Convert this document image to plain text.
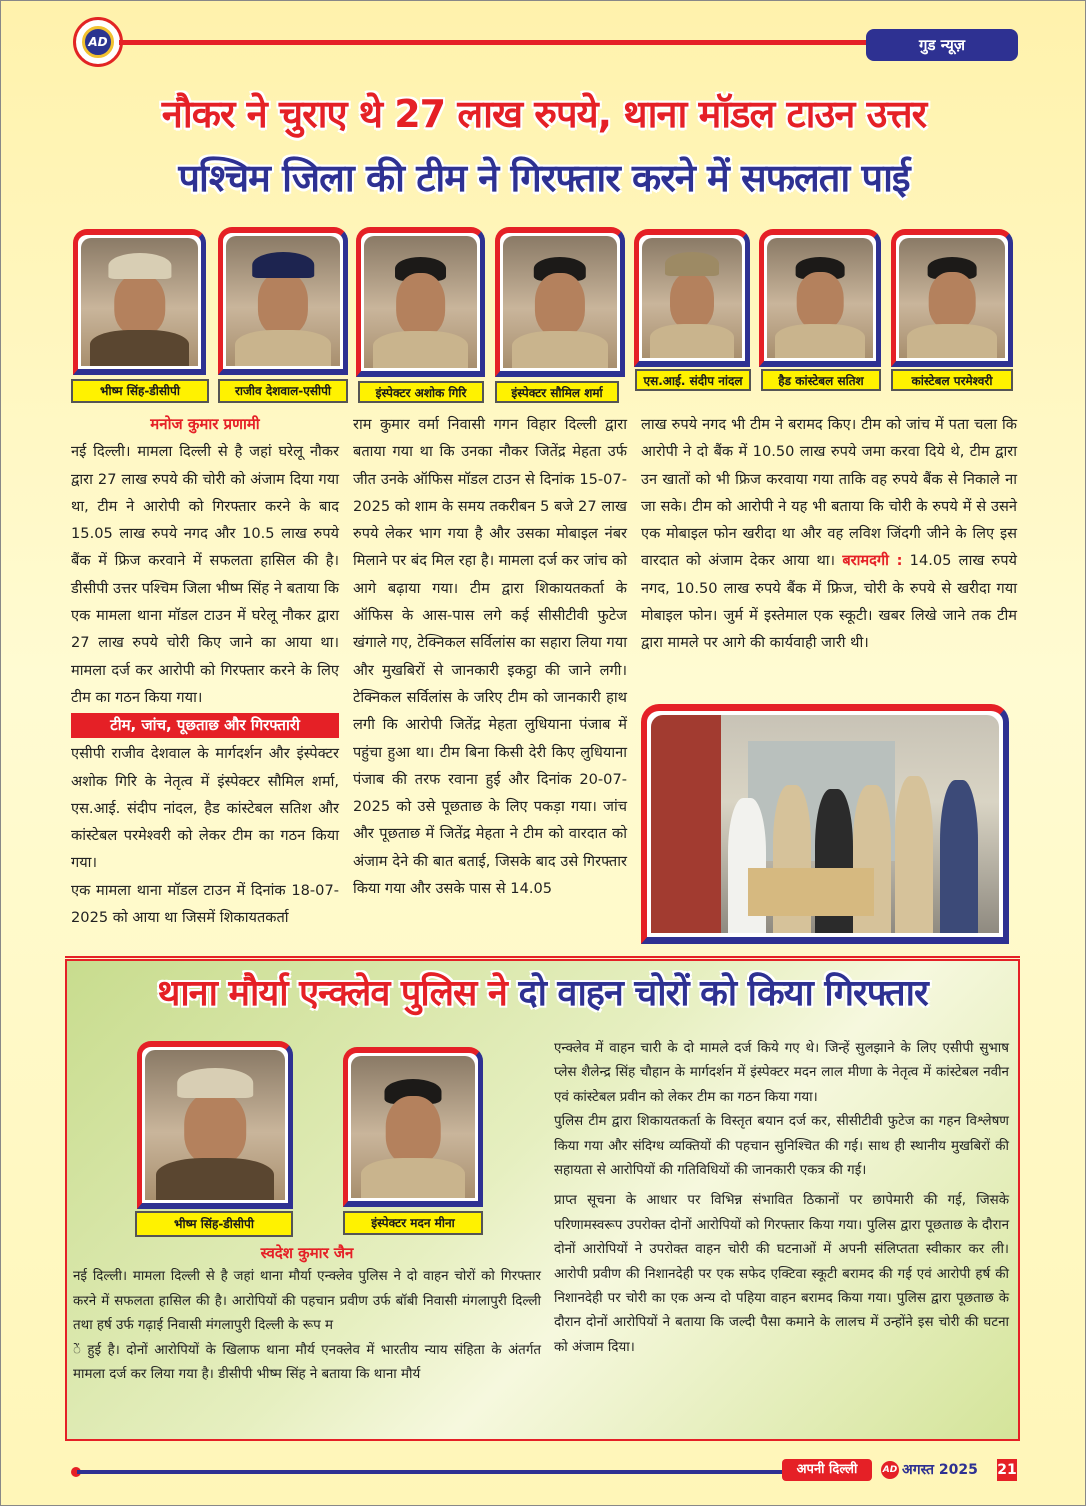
AD	गुड न्यूज़
नौकर ने चुराए थे 27 लाख रुपये, थाना मॉडल टाउन उत्तर
पश्चिम जिला की टीम ने गिरफ्तार करने में सफलता पाई
भीष्म सिंह-डीसीपी	राजीव देशवाल-एसीपी	इंस्पेक्टर अशोक गिरि	इंस्पेक्टर सौमिल शर्मा
एस.आई. संदीप नांदल	हैड कांस्टेबल सतिश	कांस्टेबल परमेश्वरी
मनोज कुमार प्रणामी

नई दिल्ली। मामला दिल्ली से है जहां घरेलू नौकर द्वारा 27 लाख रुपये की चोरी को अंजाम दिया गया था, टीम ने आरोपी को गिरफ्तार करने के बाद 15.05 लाख रुपये नगद और 10.5 लाख रुपये बैंक में फ्रिज करवाने में सफलता हासिल की है। डीसीपी उत्तर पश्चिम जिला भीष्म सिंह ने बताया कि एक मामला थाना मॉडल टाउन में घरेलू नौकर द्वारा 27 लाख रुपये चोरी किए जाने का आया था। मामला दर्ज कर आरोपी को गिरफ्तार करने के लिए टीम का गठन किया गया।

टीम, जांच, पूछताछ और गिरफ्तारी

एसीपी राजीव देशवाल के मार्गदर्शन और इंस्पेक्टर अशोक गिरि के नेतृत्व में इंस्पेक्टर सौमिल शर्मा, एस.आई. संदीप नांदल, हैड कांस्टेबल सतिश और कांस्टेबल परमेश्वरी को लेकर टीम का गठन किया गया।

एक मामला थाना मॉडल टाउन में दिनांक 18-07-2025 को आया था जिसमें शिकायतकर्ता

राम कुमार वर्मा निवासी गगन विहार दिल्ली द्वारा बताया गया था कि उनका नौकर जितेंद्र मेहता उर्फ जीत उनके ऑफिस मॉडल टाउन से दिनांक 15-07-2025 को शाम के समय तकरीबन 5 बजे 27 लाख रुपये लेकर भाग गया है और उसका मोबाइल नंबर मिलाने पर बंद मिल रहा है। मामला दर्ज कर जांच को आगे बढ़ाया गया। टीम द्वारा शिकायतकर्ता के ऑफिस के आस-पास लगे कई सीसीटीवी फुटेज खंगाले गए, टेक्निकल सर्विलांस का सहारा लिया गया और मुखबिरों से जानकारी इकट्ठा की जाने लगी। टेक्निकल सर्विलांस के जरिए टीम को जानकारी हाथ लगी कि आरोपी जितेंद्र मेहता लुधियाना पंजाब में पहुंचा हुआ था। टीम बिना किसी देरी किए लुधियाना पंजाब की तरफ रवाना हुई और दिनांक 20-07-2025 को उसे पूछताछ के लिए पकड़ा गया। जांच और पूछताछ में जितेंद्र मेहता ने टीम को वारदात को अंजाम देने की बात बताई, जिसके बाद उसे गिरफ्तार किया गया और उसके पास से 14.05

लाख रुपये नगद भी टीम ने बरामद किए। टीम को जांच में पता चला कि आरोपी ने दो बैंक में 10.50 लाख रुपये जमा करवा दिये थे, टीम द्वारा उन खातों को भी फ्रिज करवाया गया ताकि वह रुपये बैंक से निकाले ना जा सके। टीम को आरोपी ने यह भी बताया कि चोरी के रुपये में से उसने एक मोबाइल फोन खरीदा था और वह लविश जिंदगी जीने के लिए इस वारदात को अंजाम देकर आया था। बरामदगी : 14.05 लाख रुपये नगद, 10.50 लाख रुपये बैंक में फ्रिज, चोरी के रुपये से खरीदा गया मोबाइल फोन। जुर्म में इस्तेमाल एक स्कूटी। खबर लिखे जाने तक टीम द्वारा मामले पर आगे की कार्यवाही जारी थी।

थाना मौर्या एन्क्लेव पुलिस ने दो वाहन चोरों को किया गिरफ्तार
भीष्म सिंह-डीसीपी	इंस्पेक्टर मदन मीना
स्वदेश कुमार जैन

नई दिल्ली। मामला दिल्ली से है जहां थाना मौर्या एन्क्लेव पुलिस ने दो वाहन चोरों को गिरफ्तार करने में सफलता हासिल की है। आरोपियों की पहचान प्रवीण उर्फ बॉबी निवासी मंगलापुरी दिल्ली तथा हर्ष उर्फ गढ़ाई निवासी मंगलापुरी दिल्ली के रूप म

ें हुई है। दोनों आरोपियों के खिलाफ थाना मौर्य एनक्लेव में भारतीय न्याय संहिता के अंतर्गत मामला दर्ज कर लिया गया है। डीसीपी भीष्म सिंह ने बताया कि थाना मौर्य

एन्क्लेव में वाहन चारी के दो मामले दर्ज किये गए थे। जिन्हें सुलझाने के लिए एसीपी सुभाष प्लेस शैलेन्द्र सिंह चौहान के मार्गदर्शन में इंस्पेक्टर मदन लाल मीणा के नेतृत्व में कांस्टेबल नवीन एवं कांस्टेबल प्रवीन को लेकर टीम का गठन किया गया।

पुलिस टीम द्वारा शिकायतकर्ता के विस्तृत बयान दर्ज कर, सीसीटीवी फुटेज का गहन विश्लेषण किया गया और संदिग्ध व्यक्तियों की पहचान सुनिश्चित की गई। साथ ही स्थानीय मुखबिरों की सहायता से आरोपियों की गतिविधियों की जानकारी एकत्र की गई।

प्राप्त सूचना के आधार पर विभिन्न संभावित ठिकानों पर छापेमारी की गई, जिसके परिणामस्वरूप उपरोक्त दोनों आरोपियों को गिरफ्तार किया गया। पुलिस द्वारा पूछताछ के दौरान दोनों आरोपियों ने उपरोक्त वाहन चोरी की घटनाओं में अपनी संलिप्तता स्वीकार कर ली। आरोपी प्रवीण की निशानदेही पर एक सफेद एक्टिवा स्कूटी बरामद की गई एवं आरोपी हर्ष की निशानदेही पर चोरी का एक अन्य दो पहिया वाहन बरामद किया गया। पुलिस द्वारा पूछताछ के दौरान दोनों आरोपियों ने बताया कि जल्दी पैसा कमाने के लालच में उन्होंने इस चोरी की घटना को अंजाम दिया।

अपनी दिल्ली	AD अगस्त 2025 21
